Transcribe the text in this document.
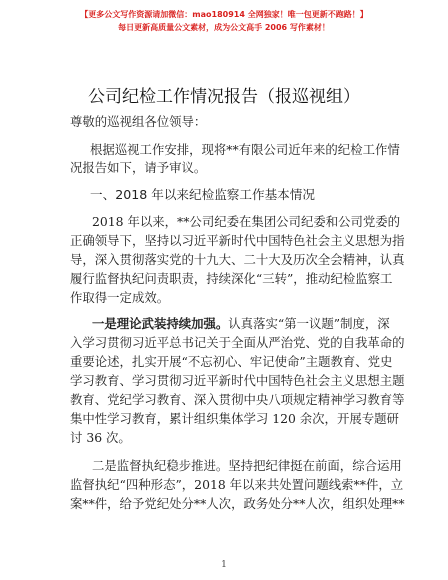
【更多公文写作资源请加微信：mao180914 全网独家！唯一包更新不跑路！】
每日更新高质量公文素材，成为公文高手 2006 写作素材！
公司纪检工作情况报告（报巡视组）
尊敬的巡视组各位领导：
根据巡视工作安排，现将**有限公司近年来的纪检工作情
况报告如下，请予审议。
一、2018 年以来纪检监察工作基本情况
2018 年以来，**公司纪委在集团公司纪委和公司党委的
正确领导下，坚持以习近平新时代中国特色社会主义思想为指
导，深入贯彻落实党的十九大、二十大及历次全会精神，认真
履行监督执纪问责职责，持续深化“三转”，推动纪检监察工
作取得一定成效。
一是理论武装持续加强。认真落实“第一议题”制度，深
入学习贯彻习近平总书记关于全面从严治党、党的自我革命的
重要论述，扎实开展“不忘初心、牢记使命”主题教育、党史
学习教育、学习贯彻习近平新时代中国特色社会主义思想主题
教育、党纪学习教育、深入贯彻中央八项规定精神学习教育等
集中性学习教育，累计组织集体学习 120 余次，开展专题研
讨 36 次。
二是监督执纪稳步推进。坚持把纪律挺在前面，综合运用
监督执纪“四种形态”，2018 年以来共处置问题线索**件，立
案**件，给予党纪处分**人次，政务处分**人次，组织处理**
1
